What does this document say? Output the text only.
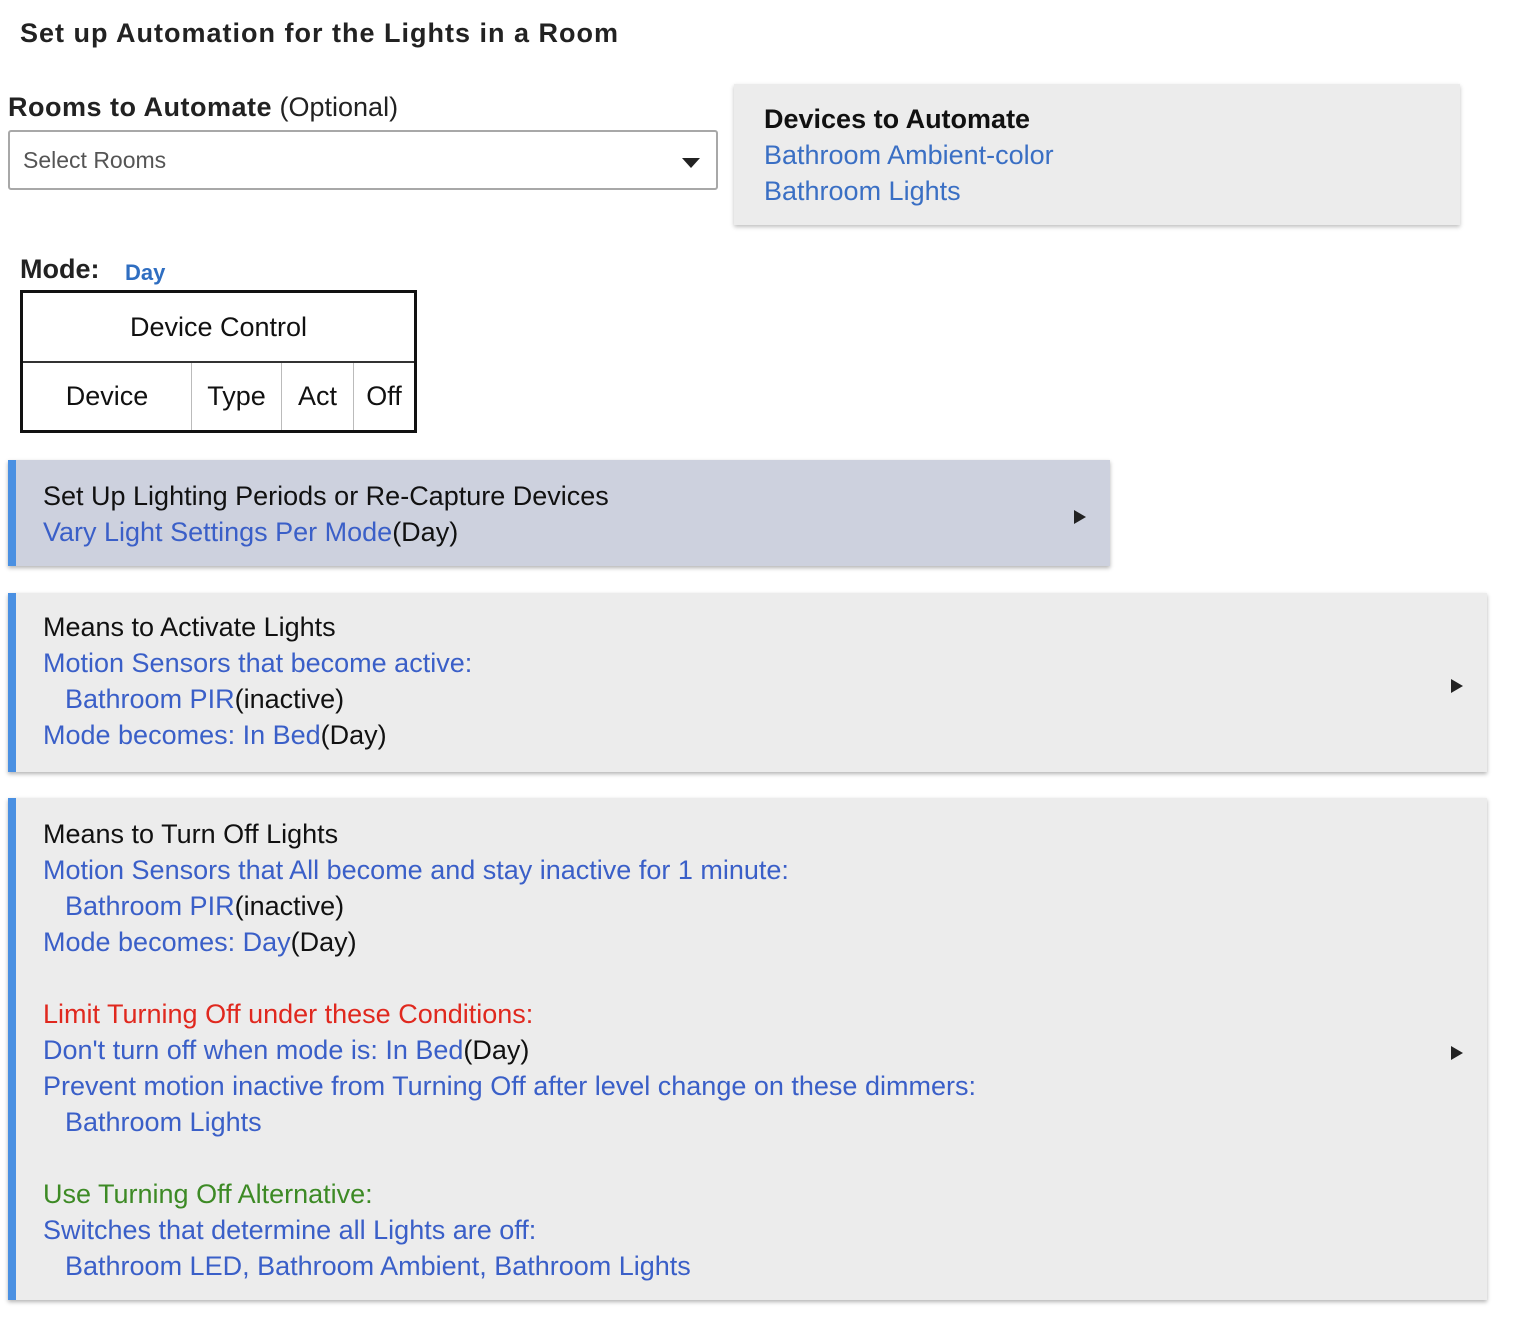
Set up Automation for the Lights in a Room
Rooms to Automate (Optional)
Select Rooms
Devices to Automate
Bathroom Ambient-color
Bathroom Lights
Mode: Day
Device Control
Device	Type	Act	Off
Set Up Lighting Periods or Re-Capture Devices
Vary Light Settings Per Mode(Day)
Means to Activate Lights
Motion Sensors that become active:
Bathroom PIR(inactive)
Mode becomes: In Bed(Day)
Means to Turn Off Lights
Motion Sensors that All become and stay inactive for 1 minute:
Bathroom PIR(inactive)
Mode becomes: Day(Day)
Limit Turning Off under these Conditions:
Don't turn off when mode is: In Bed(Day)
Prevent motion inactive from Turning Off after level change on these dimmers:
Bathroom Lights
Use Turning Off Alternative:
Switches that determine all Lights are off:
Bathroom LED, Bathroom Ambient, Bathroom Lights
